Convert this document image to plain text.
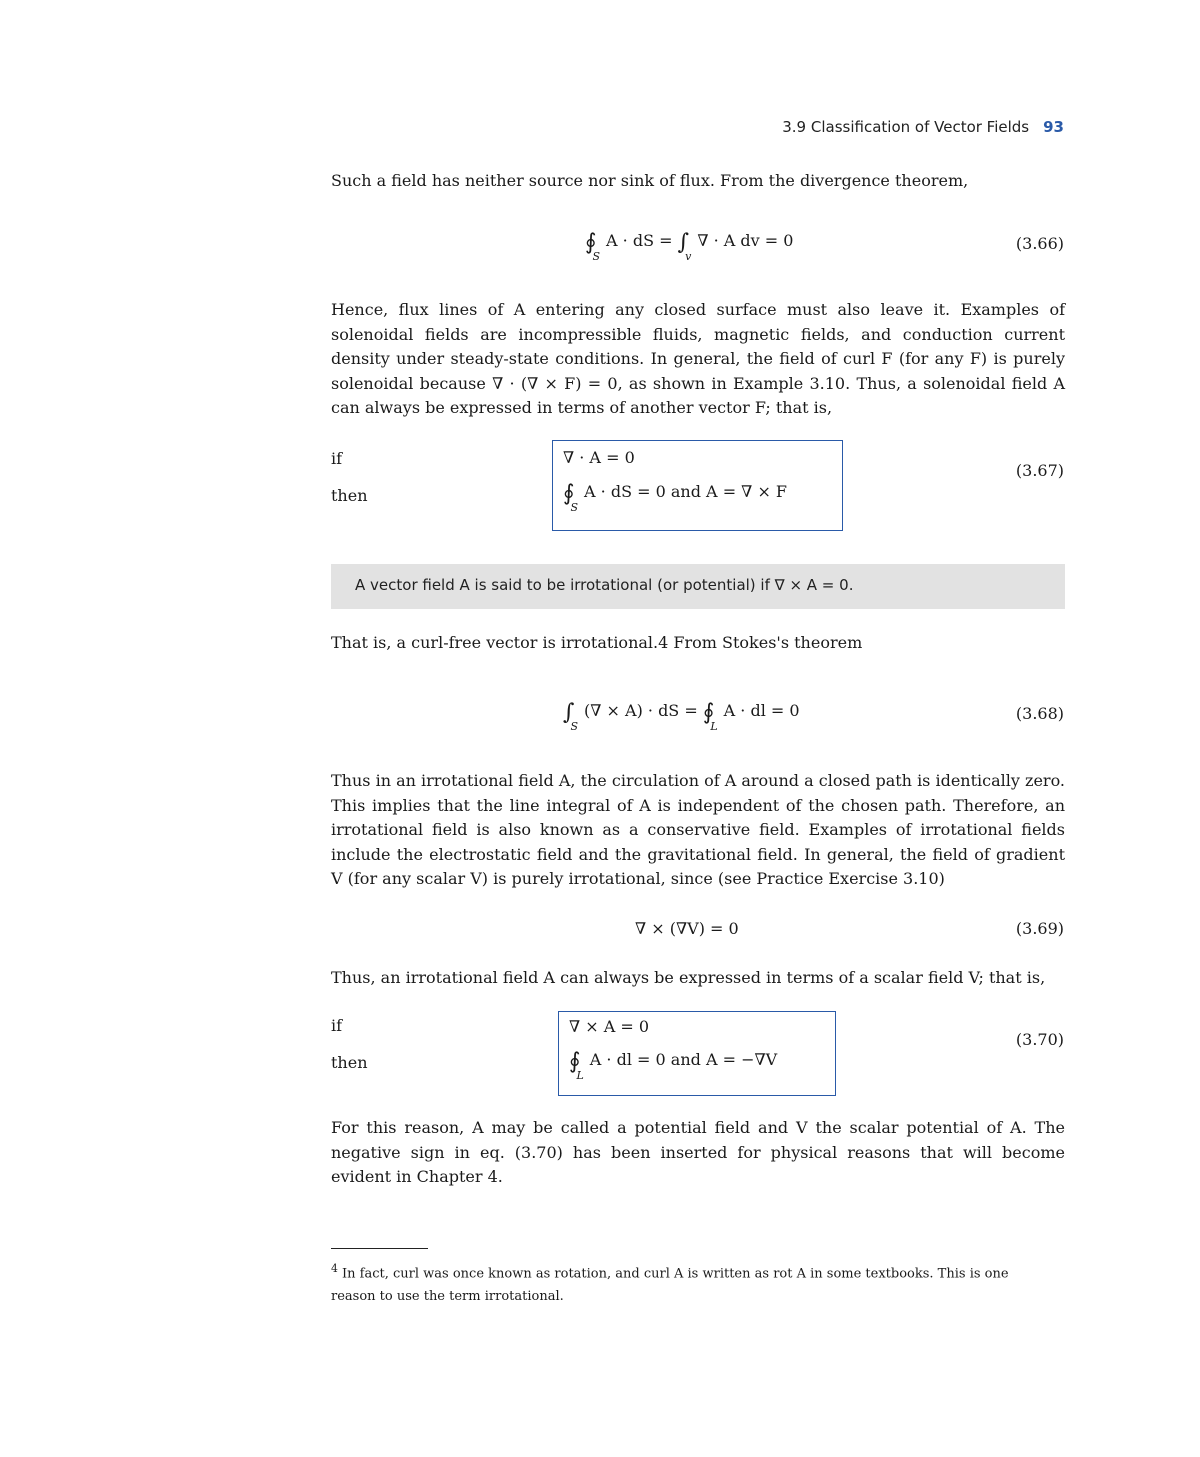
3.9 Classification of Vector Fields 93

Such a field has neither source nor sink of flux. From the divergence theorem,

$∮_SA$ · dS = $\int_v\nabla \cdot A$ dv = 0	(3.66)

Hence, flux lines of A entering any closed surface must also leave it. Examples of solenoidal fields are incompressible fluids, magnetic fields, and conduction current density under steady-state conditions. In general, the field of curl F (for any F) is purely solenoidal because ∇ · (∇ × F) = 0, as shown in Example 3.10. Thus, a solenoidal field A can always be expressed in terms of another vector F; that is,

if
then
∇ · A = 0
$∮_SA$ · dS = 0 and A = ∇ × F
(3.67)
A vector field A is said to be irrotational (or potential) if ∇ × A = 0.

That is, a curl-free vector is irrotational.4 From Stokes's theorem

$\int_S(\nabla \times A)$ · dS = $∮_LA$ · dl = 0	(3.68)

Thus in an irrotational field A, the circulation of A around a closed path is identically zero. This implies that the line integral of A is independent of the chosen path. Therefore, an irrotational field is also known as a conservative field. Examples of irrotational fields include the electrostatic field and the gravitational field. In general, the field of gradient V (for any scalar V) is purely irrotational, since (see Practice Exercise 3.10)

∇ × (∇V) = 0	(3.69)

Thus, an irrotational field A can always be expressed in terms of a scalar field V; that is,

if
then
∇ × A = 0
$∮_LA$ · dl = 0 and A = −∇V
(3.70)

For this reason, A may be called a potential field and V the scalar potential of A. The negative sign in eq. (3.70) has been inserted for physical reasons that will become evident in Chapter 4.

$^4$ In fact, curl was once known as rotation, and curl A is written as rot A in some textbooks. This is one reason to use the term irrotational.
